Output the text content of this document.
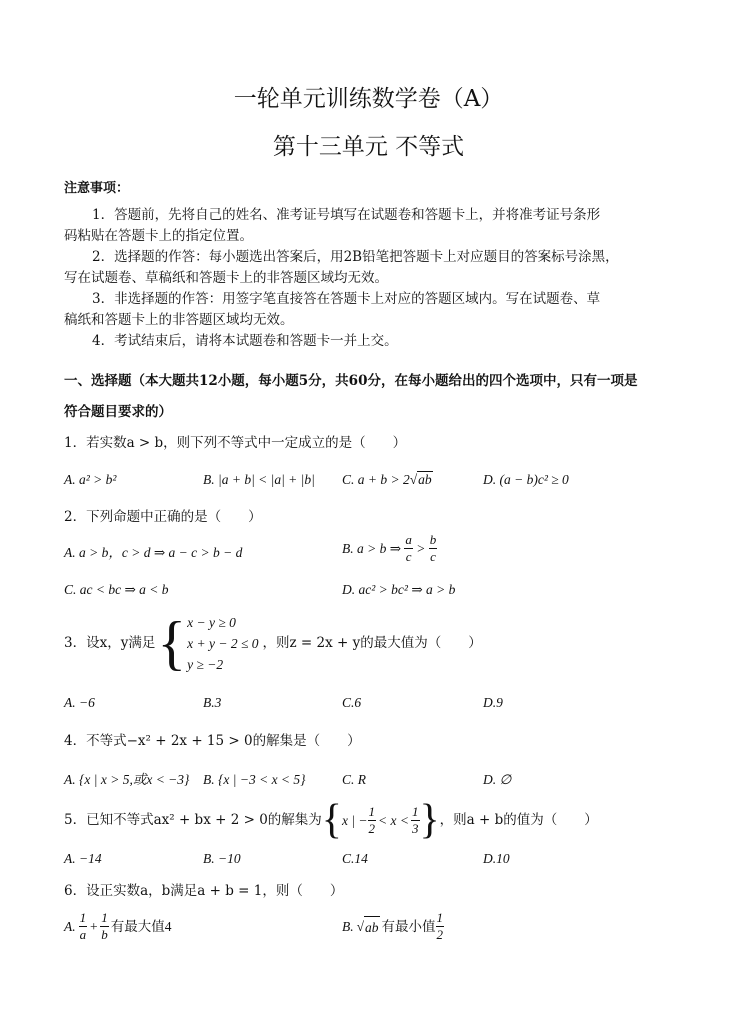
一轮单元训练数学卷（A）
第十三单元 不等式
注意事项：
1．答题前，先将自己的姓名、准考证号填写在试题卷和答题卡上，并将准考证号条形
码粘贴在答题卡上的指定位置。
2．选择题的作答：每小题选出答案后，用2B铅笔把答题卡上对应题目的答案标号涂黑，
写在试题卷、草稿纸和答题卡上的非答题区域均无效。
3．非选择题的作答：用签字笔直接答在答题卡上对应的答题区域内。写在试题卷、草
稿纸和答题卡上的非答题区域均无效。
4．考试结束后，请将本试题卷和答题卡一并上交。
一、选择题（本大题共12小题，每小题5分，共60分，在每小题给出的四个选项中，只有一项是
符合题目要求的）
1．若实数a > b，则下列不等式中一定成立的是（　　）
A. a² > b²	B. |a + b| < |a| + |b| C. a + b > 2√ab	D. (a − b)c² ≥ 0
2．下列命题中正确的是（　　）
A. a > b，c > d ⇒ a − c > b − d	B. a > b ⇒ $\frac{a}{c} > \frac{b}{c}$
C. ac < bc ⇒ a < b	D. ac² > bc² ⇒ a > b
3．设x，y满足 { x − y ≥ 0
x + y − 2 ≤ 0
y ≥ −2
，则z = 2x + y的最大值为（　　）
A. −6	B.3	C.6	D.9
4．不等式−x² + 2x + 15 > 0的解集是（　　）
A. {x | x > 5,或x < −3} B. {x | −3 < x < 5}	C. R	D. ∅
5．已知不等式ax² + bx + 2 > 0的解集为 { x | − $\frac{1}{2} < x < \frac{1}{3}$ } ，则a + b的值为（　　）
A. −14	B. −10	C.14	D.10
6．设正实数a，b满足a + b = 1，则（　　）
A. $\frac{1}{a} + \frac{1}{b}$ 有最大值4	B. √ ab 有最小值 $\frac{1}{2}$
